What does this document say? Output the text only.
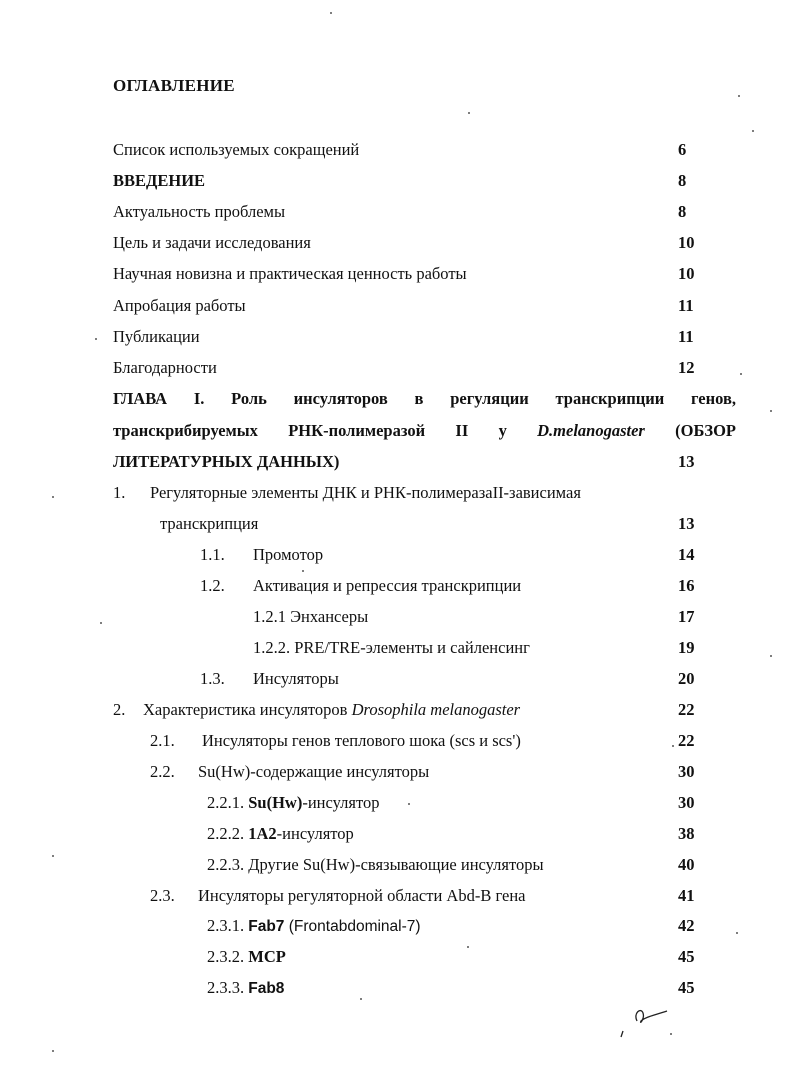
ОГЛАВЛЕНИЕ
Список используемых сокращений	6
ВВЕДЕНИЕ	8
Актуальность проблемы	8
Цель и задачи исследования	10
Научная новизна и практическая ценность работы	10
Апробация работы	11
Публикации	11
Благодарности	12
ГЛАВА I. Роль инсуляторов в регуляции транскрипции генов,
транскрибируемых РНК-полимеразой II у D.melanogaster (ОБЗОР
ЛИТЕРАТУРНЫХ ДАННЫХ)	13
1. Регуляторные элементы ДНК и РНК-полимеразаII-зависимая
транскрипция	13
1.1. Промотор	14
1.2. Активация и репрессия транскрипции	16
1.2.1 Энхансеры	17
1.2.2. PRE/TRE-элементы и сайленсинг	19
1.3. Инсуляторы	20
2. Характеристика инсуляторов Drosophila melanogaster	22
2.1. Инсуляторы генов теплового шока (scs и scs')	22
2.2. Su(Hw)-содержащие инсуляторы	30
2.2.1. Su(Hw)-инсулятор	30
2.2.2. 1A2-инсулятор	38
2.2.3. Другие Su(Hw)-связывающие инсуляторы	40
2.3. Инсуляторы регуляторной области Abd-B гена	41
2.3.1. Fab7 (Frontabdominal-7)	42
2.3.2. MCP	45
2.3.3. Fab8	45
